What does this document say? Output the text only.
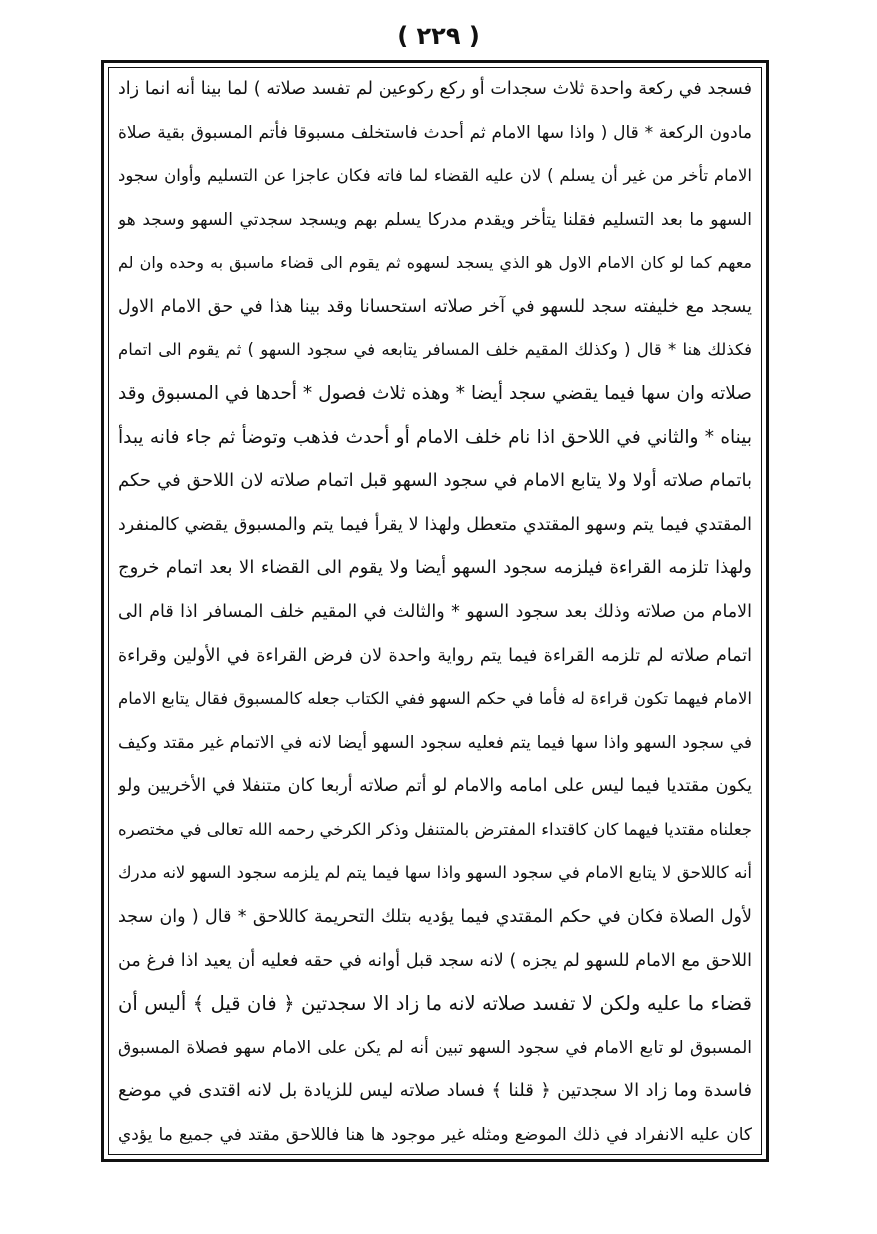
( ٢٢٩ )
فسجد في ركعة واحدة ثلاث سجدات أو ركع ركوعين لم تفسد صلاته ) لما بينا أنه انما زاد
مادون الركعة * قال ( واذا سها الامام ثم أحدث فاستخلف مسبوقا فأتم المسبوق بقية صلاة
الامام تأخر من غير أن يسلم ) لان عليه القضاء لما فاته فكان عاجزا عن التسليم وأوان سجود
السهو ما بعد التسليم فقلنا يتأخر ويقدم مدركا يسلم بهم ويسجد سجدتي السهو وسجد هو
معهم كما لو كان الامام الاول هو الذي يسجد لسهوه ثم يقوم الى قضاء ماسبق به وحده وان لم
يسجد مع خليفته سجد للسهو في آخر صلاته استحسانا وقد بينا هذا في حق الامام الاول
فكذلك هنا * قال ( وكذلك المقيم خلف المسافر يتابعه في سجود السهو ) ثم يقوم الى اتمام
صلاته وان سها فيما يقضي سجد أيضا * وهذه ثلاث فصول * أحدها في المسبوق وقد
بيناه * والثاني في اللاحق اذا نام خلف الامام أو أحدث فذهب وتوضأ ثم جاء فانه يبدأ
باتمام صلاته أولا ولا يتابع الامام في سجود السهو قبل اتمام صلاته لان اللاحق في حكم
المقتدي فيما يتم وسهو المقتدي متعطل ولهذا لا يقرأ فيما يتم والمسبوق يقضي كالمنفرد
ولهذا تلزمه القراءة فيلزمه سجود السهو أيضا ولا يقوم الى القضاء الا بعد اتمام خروج
الامام من صلاته وذلك بعد سجود السهو * والثالث في المقيم خلف المسافر اذا قام الى
اتمام صلاته لم تلزمه القراءة فيما يتم رواية واحدة لان فرض القراءة في الأولين وقراءة
الامام فيهما تكون قراءة له فأما في حكم السهو ففي الكتاب جعله كالمسبوق فقال يتابع الامام
في سجود السهو واذا سها فيما يتم فعليه سجود السهو أيضا لانه في الاتمام غير مقتد وكيف
يكون مقتديا فيما ليس على امامه والامام لو أتم صلاته أربعا كان متنفلا في الأخريين ولو
جعلناه مقتديا فيهما كان كاقتداء المفترض بالمتنفل وذكر الكرخي رحمه الله تعالى في مختصره
أنه كاللاحق لا يتابع الامام في سجود السهو واذا سها فيما يتم لم يلزمه سجود السهو لانه مدرك
لأول الصلاة فكان في حكم المقتدي فيما يؤديه بتلك التحريمة كاللاحق * قال ( وان سجد
اللاحق مع الامام للسهو لم يجزه ) لانه سجد قبل أوانه في حقه فعليه أن يعيد اذا فرغ من
قضاء ما عليه ولكن لا تفسد صلاته لانه ما زاد الا سجدتين ﴿ فان قيل ﴾ أليس أن
المسبوق لو تابع الامام في سجود السهو تبين أنه لم يكن على الامام سهو فصلاة المسبوق
فاسدة وما زاد الا سجدتين ﴿ قلنا ﴾ فساد صلاته ليس للزيادة بل لانه اقتدى في موضع
كان عليه الانفراد في ذلك الموضع ومثله غير موجود ها هنا فاللاحق مقتد في جميع ما يؤدي
